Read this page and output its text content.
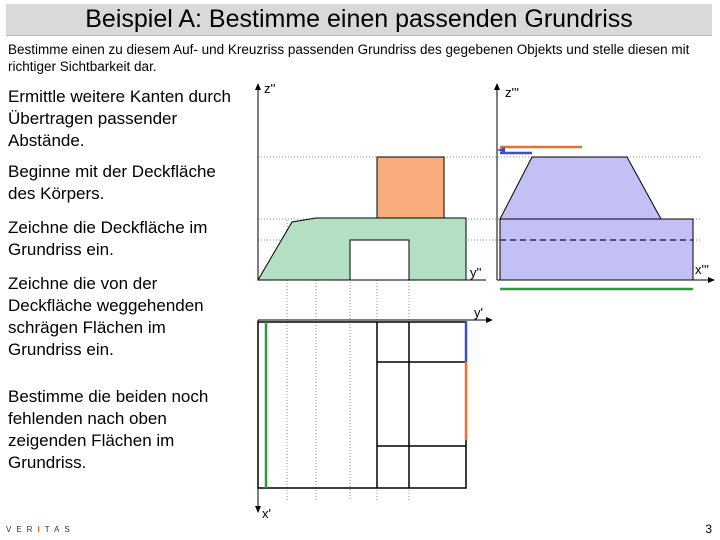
Beispiel A: Bestimme einen passenden Grundriss
Bestimme einen zu diesem Auf- und Kreuzriss passenden Grundriss des gegebenen Objekts und stelle diesen mit richtiger Sichtbarkeit dar.
Ermittle weitere Kanten durch Übertragen passender Abstände.
Beginne mit der Deckfläche des Körpers.
Zeichne die Deckfläche im Grundriss ein.
Zeichne die von der Deckfläche weggehenden schrägen Flächen im Grundriss ein.
Bestimme die beiden noch fehlenden nach oben zeigenden Flächen im Grundriss.
z''	z'''
y''	x'''
y'
x'
VERITAS	3
